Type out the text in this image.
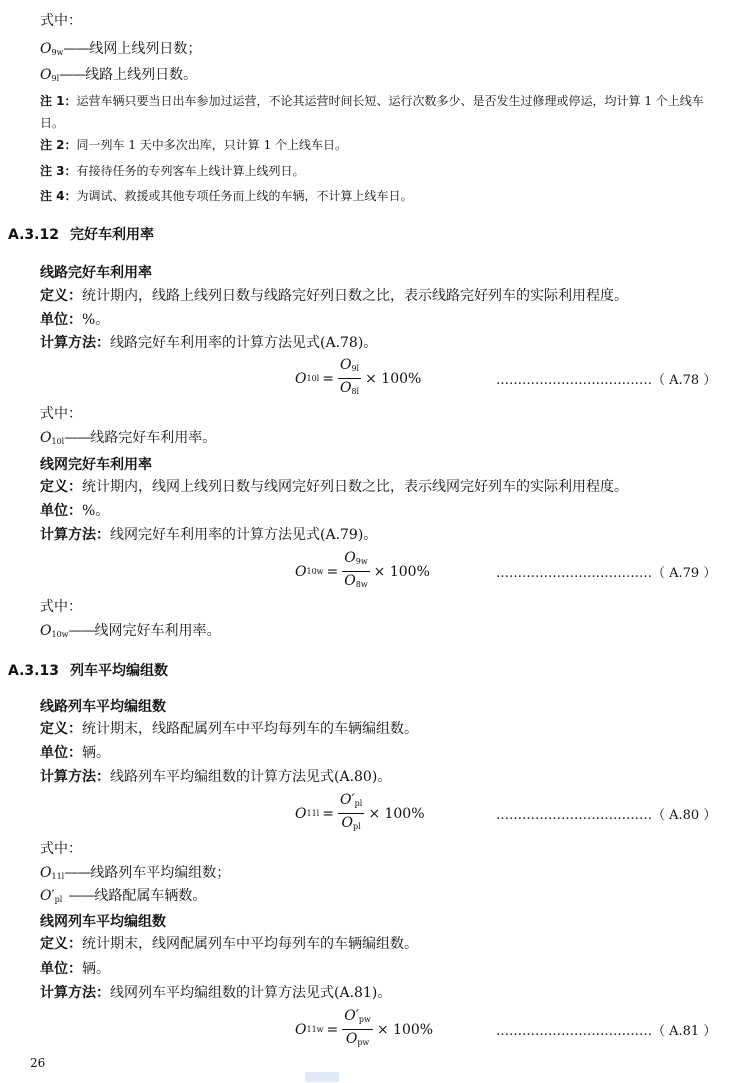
式中：
$O_{9w}——$线网上线列日数；
$O_{9l}——$线路上线列日数。
注 1：运营车辆只要当日出车参加过运营，不论其运营时间长短、运行次数多少、是否发生过修理或停运，均计算 1 个上线车日。
注 2：同一列车 1 天中多次出库，只计算 1 个上线车日。
注 3：有接待任务的专列客车上线计算上线列日。
注 4：为调试、救援或其他专项任务而上线的车辆，不计算上线车日。
A.3.12 完好车利用率
线路完好车利用率
定义：统计期内，线路上线列日数与线路完好列日数之比，表示线路完好列车的实际利用程度。
单位：%。
计算方法：线路完好车利用率的计算方法见式(A.78)。
O $10l = \frac{O_{9l}}{O_{8l}} \times 100\%$	………………………………（ A.78 ）
式中：
$O_{10l}——$线路完好车利用率。
线网完好车利用率
定义：统计期内，线网上线列日数与线网完好列日数之比，表示线网完好列车的实际利用程度。
单位：%。
计算方法：线网完好车利用率的计算方法见式(A.79)。
O $10w = \frac{O_{9w}}{O_{8w}} \times 100\%$	………………………………（ A.79 ）
式中：
$O_{10w}——$线网完好车利用率。
A.3.13 列车平均编组数
线路列车平均编组数
定义：统计期末，线路配属列车中平均每列车的车辆编组数。
单位：辆。
计算方法：线路列车平均编组数的计算方法见式(A.80)。
O $11l = \frac{O'_{pl}}{O_{pl}} \times 100\%$	………………………………（ A.80 ）
式中：
$O_{11l}——$线路列车平均编组数；
$O'_{pl}$ ——线路配属车辆数。
线网列车平均编组数
定义：统计期末，线网配属列车中平均每列车的车辆编组数。
单位：辆。
计算方法：线网列车平均编组数的计算方法见式(A.81)。
O $11w = \frac{O'_{pw}}{O_{pw}} \times 100\%$	………………………………（ A.81 ）
26
